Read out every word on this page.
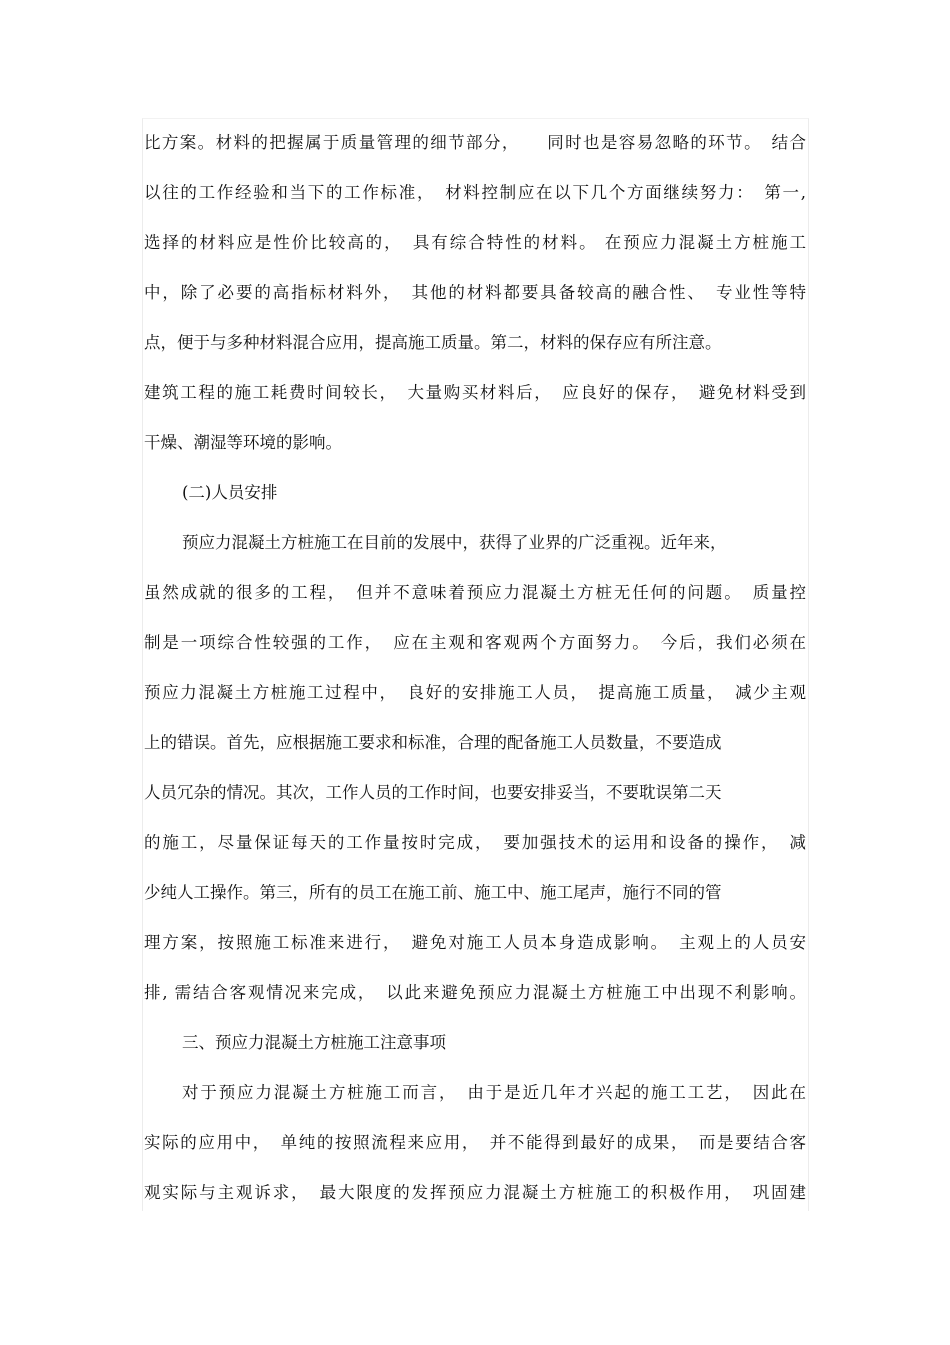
比方案。材料的把握属于质量管理的细节部分，　　同时也是容易忽略的环节。　结合
以往的工作经验和当下的工作标准，　材料控制应在以下几个方面继续努力：　第一,
选择的材料应是性价比较高的，　具有综合特性的材料。 在预应力混凝土方桩施工
中，除了必要的高指标材料外，　其他的材料都要具备较高的融合性、　专业性等特
点，便于与多种材料混合应用，提高施工质量。第二，材料的保存应有所注意。
建筑工程的施工耗费时间较长，　大量购买材料后，　应良好的保存，　避免材料受到
干燥、潮湿等环境的影响。
(二)人员安排
预应力混凝土方桩施工在目前的发展中，获得了业界的广泛重视。近年来，
虽然成就的很多的工程，　但并不意味着预应力混凝土方桩无任何的问题。　质量控
制是一项综合性较强的工作，　应在主观和客观两个方面努力。　今后，我们必须在
预应力混凝土方桩施工过程中，　良好的安排施工人员，　提高施工质量，　减少主观
上的错误。首先，应根据施工要求和标准，合理的配备施工人员数量，不要造成
人员冗杂的情况。其次，工作人员的工作时间，也要安排妥当，不要耽误第二天
的施工，尽量保证每天的工作量按时完成，　要加强技术的运用和设备的操作，　减
少纯人工操作。第三，所有的员工在施工前、施工中、施工尾声，施行不同的管
理方案，按照施工标准来进行，　避免对施工人员本身造成影响。　主观上的人员安
排, 需结合客观情况来完成，　以此来避免预应力混凝土方桩施工中出现不利影响。
三、预应力混凝土方桩施工注意事项
对于预应力混凝土方桩施工而言，　由于是近几年才兴起的施工工艺，　因此在
实际的应用中，　单纯的按照流程来应用，　并不能得到最好的成果，　而是要结合客
观实际与主观诉求，　最大限度的发挥预应力混凝土方桩施工的积极作用，　巩固建
